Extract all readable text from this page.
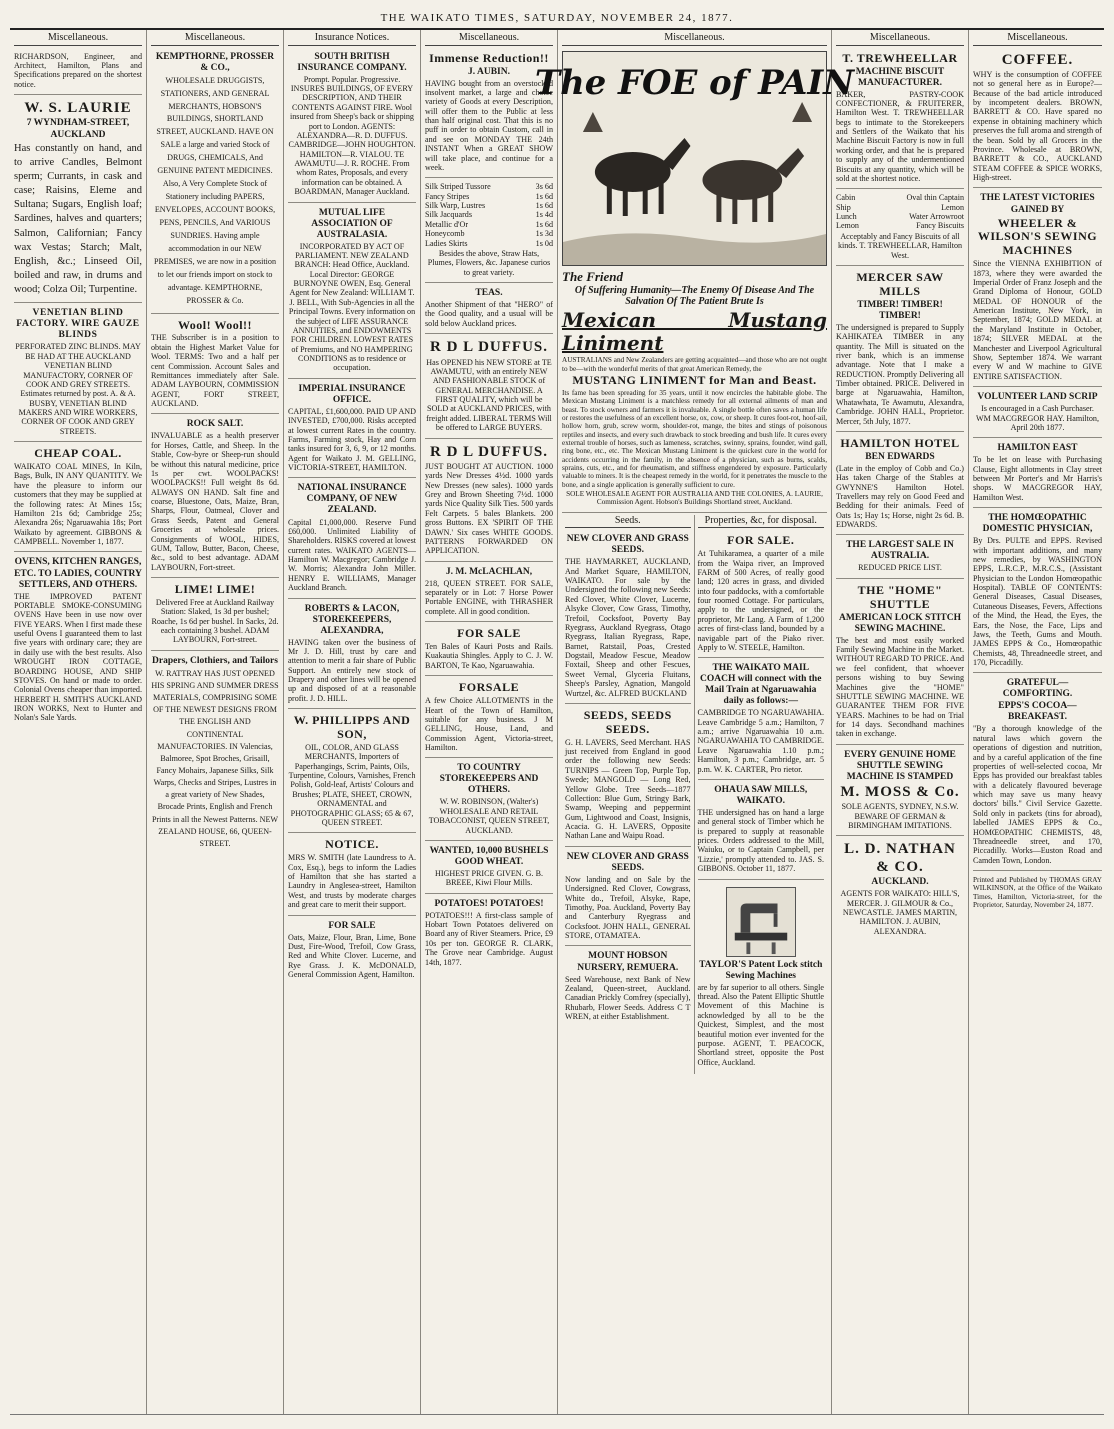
THE WAIKATO TIMES, SATURDAY, NOVEMBER 24, 1877.
Miscellaneous.

RICHARDSON, Engineer, and Architect, Hamilton, Plans and Specifications prepared on the shortest notice.

W. S. LAURIE

7 WYNDHAM-STREET, AUCKLAND

Has constantly on hand, and to arrive Candles, Belmont sperm; Currants, in cask and case; Raisins, Eleme and Sultana; Sugars, English loaf; Sardines, halves and quarters; Salmon, Californian; Fancy wax Vestas; Starch; Malt, English, &c.; Linseed Oil, boiled and raw, in drums and wood; Colza Oil; Turpentine.

VENETIAN BLIND FACTORY. WIRE GAUZE BLINDS

PERFORATED ZINC BLINDS. MAY BE HAD AT THE AUCKLAND VENETIAN BLIND MANUFACTORY, CORNER OF COOK AND GREY STREETS. Estimates returned by post. A. & A. BUSBY, VENETIAN BLIND MAKERS AND WIRE WORKERS, CORNER OF COOK AND GREY STREETS.

CHEAP COAL.

WAIKATO COAL MINES, In Kiln, Bags, Bulk, IN ANY QUANTITY. We have the pleasure to inform our customers that they may be supplied at the following rates: At Mines 15s; Hamilton 21s 6d; Cambridge 25s; Alexandra 26s; Ngaruawahia 18s; Port Waikato by agreement. GIBBONS & CAMPBELL. November 1, 1877.

OVENS, KITCHEN RANGES, ETC. TO LADIES, COUNTRY SETTLERS, AND OTHERS.

THE IMPROVED PATENT PORTABLE SMOKE-CONSUMING OVENS Have been in use now over FIVE YEARS. When I first made these useful Ovens I guaranteed them to last five years with ordinary care; they are in daily use with the best results. Also WROUGHT IRON COTTAGE, BOARDING HOUSE, AND SHIP STOVES. On hand or made to order. Colonial Ovens cheaper than imported. HERBERT H. SMITH'S AUCKLAND IRON WORKS, Next to Hunter and Nolan's Sale Yards.

Miscellaneous.

KEMPTHORNE, PROSSER & CO.,

WHOLESALE DRUGGISTS, STATIONERS, AND GENERAL MERCHANTS, HOBSON'S BUILDINGS, SHORTLAND STREET, AUCKLAND. HAVE ON SALE a large and varied Stock of DRUGS, CHEMICALS, And GENUINE PATENT MEDICINES. Also, A Very Complete Stock of Stationery including PAPERS, ENVELOPES, ACCOUNT BOOKS, PENS, PENCILS, And VARIOUS SUNDRIES. Having ample accommodation in our NEW PREMISES, we are now in a position to let our friends import on stock to advantage. KEMPTHORNE, PROSSER & Co.

Wool! Wool!!

THE Subscriber is in a position to obtain the Highest Market Value for Wool. TERMS: Two and a half per cent Commission. Account Sales and Remittances immediately after Sale. ADAM LAYBOURN, COMMISSION AGENT, FORT STREET, AUCKLAND.

ROCK SALT.

INVALUABLE as a health preserver for Horses, Cattle, and Sheep. In the Stable, Cow-byre or Sheep-run should be without this natural medicine, price 1s per cwt. WOOLPACKS! WOOLPACKS!! Full weight 8s 6d. ALWAYS ON HAND. Salt fine and coarse, Bluestone, Oats, Maize, Bran, Sharps, Flour, Oatmeal, Clover and Grass Seeds, Patent and General Groceries at wholesale prices. Consignments of WOOL, HIDES, GUM, Tallow, Butter, Bacon, Cheese, &c., sold to best advantage. ADAM LAYBOURN, Fort-street.

LIME! LIME!

Delivered Free at Auckland Railway Station: Slaked, 1s 3d per bushel; Roache, 1s 6d per bushel. In Sacks, 2d. each containing 3 bushel. ADAM LAYBOURN, Fort-street.

Drapers, Clothiers, and Tailors

W. RATTRAY HAS JUST OPENED HIS SPRING AND SUMMER DRESS MATERIALS, COMPRISING SOME OF THE NEWEST DESIGNS FROM THE ENGLISH AND CONTINENTAL MANUFACTORIES. IN Valencias, Balmoree, Spot Broches, Grisaill, Fancy Mohairs, Japanese Silks, Silk Warps, Checks and Stripes, Lustres in a great variety of New Shades, Brocade Prints, English and French Prints in all the Newest Patterns. NEW ZEALAND HOUSE, 66, QUEEN-STREET.

Insurance Notices.

SOUTH BRITISH INSURANCE COMPANY.

Prompt. Popular. Progressive. INSURES BUILDINGS, OF EVERY DESCRIPTION, AND THEIR CONTENTS AGAINST FIRE. Wool insured from Sheep's back or shipping port to London. AGENTS: ALEXANDRA—R. D. DUFFUS. CAMBRIDGE—JOHN HOUGHTON. HAMILTON—R. VIALOU. TE AWAMUTU—J. R. ROCHE. From whom Rates, Proposals, and every information can be obtained. A BOARDMAN, Manager Auckland.

MUTUAL LIFE ASSOCIATION OF AUSTRALASIA.

INCORPORATED BY ACT OF PARLIAMENT. NEW ZEALAND BRANCH: Head Office, Auckland. Local Director: GEORGE BURNOYNE OWEN, Esq. General Agent for New Zealand: WILLIAM T. J. BELL, With Sub-Agencies in all the Principal Towns. Every information on the subject of LIFE ASSURANCE ANNUITIES, and ENDOWMENTS FOR CHILDREN. LOWEST RATES of Premiums, and NO HAMPERING CONDITIONS as to residence or occupation.

IMPERIAL INSURANCE OFFICE.

CAPITAL, £1,600,000. PAID UP AND INVESTED, £700,000. Risks accepted at lowest current Rates in the country. Farms, Farming stock, Hay and Corn tanks insured for 3, 6, 9, or 12 months. Agent for Waikato J. M. GELLING, VICTORIA-STREET, HAMILTON.

NATIONAL INSURANCE COMPANY, OF NEW ZEALAND.

Capital £1,000,000. Reserve Fund £60,000. Unlimited Liability of Shareholders. RISKS covered at lowest current rates. WAIKATO AGENTS— Hamilton W. Macgregor; Cambridge J. W. Morris; Alexandra John Miller. HENRY E. WILLIAMS, Manager Auckland Branch.

ROBERTS & LACON, STOREKEEPERS, ALEXANDRA,

HAVING taken over the business of Mr J. D. Hill, trust by care and attention to merit a fair share of Public Support. An entirely new stock of Drapery and other lines will be opened up and disposed of at a reasonable profit. J. D. HILL.

W. PHILLIPPS AND SON,

OIL, COLOR, AND GLASS MERCHANTS, Importers of Paperhangings, Scrim, Paints, Oils, Turpentine, Colours, Varnishes, French Polish, Gold-leaf, Artists' Colours and Brushes; PLATE, SHEET, CROWN, ORNAMENTAL and PHOTOGRAPHIC GLASS; 65 & 67, QUEEN STREET.

NOTICE.

MRS W. SMITH (late Laundress to A. Cox, Esq.), begs to inform the Ladies of Hamilton that she has started a Laundry in Anglesea-street, Hamilton West, and trusts by moderate charges and great care to merit their support.

FOR SALE

Oats, Maize, Flour, Bran, Lime, Bone Dust, Fire-Wood, Trefoil, Cow Grass, Red and White Clover. Lucerne, and Rye Grass. J. K. McDONALD, General Commission Agent, Hamilton.

Miscellaneous.

Immense Reduction!!

J. AUBIN.

HAVING bought from an overstocked insolvent market, a large and choice variety of Goods at every Description, will offer them to the Public at less than half original cost. That this is no puff in order to obtain Custom, call in and see on MONDAY THE 24th INSTANT When a GREAT SHOW will take place, and continue for a week.

Silk Striped Tussore	3s 6d
Fancy Stripes	1s 6d
Silk Warp, Lustres	1s 6d
Silk Jacquards	1s 4d
Metallic d'Or	1s 6d
Honeycomb	1s 3d
Ladies Skirts	1s 0d

Besides the above, Straw Hats, Plumes, Flowers, &c. Japanese curios to great variety.

TEAS.

Another Shipment of that "HERO" of the Good quality, and a usual will be sold below Auckland prices.

R D L DUFFUS.

Has OPENED his NEW STORE at TE AWAMUTU, with an entirely NEW AND FASHIONABLE STOCK of GENERAL MERCHANDISE. A FIRST QUALITY, which will be SOLD at AUCKLAND PRICES, with freight added. LIBERAL TERMS Will be offered to LARGE BUYERS.

R D L DUFFUS.

JUST BOUGHT AT AUCTION. 1000 yards New Dresses 4½d. 1000 yards New Dresses (new sales). 1000 yards Grey and Brown Sheeting 7½d. 1000 yards Nice Quality Silk Ties. 500 yards Felt Carpets. 5 bales Blankets. 200 gross Buttons. EX 'SPIRIT OF THE DAWN.' Six cases WHITE GOODS. PATTERNS FORWARDED ON APPLICATION.

J. M. McLACHLAN,

218, QUEEN STREET. FOR SALE, separately or in Lot: 7 Horse Power Portable ENGINE, with THRASHER complete. All in good condition.

FOR SALE

Ten Bales of Kauri Posts and Rails. Kuakautia Shingles. Apply to C. J. W. BARTON, Te Kao, Ngaruawahia.

FORSALE

A few Choice ALLOTMENTS in the Heart of the Town of Hamilton, suitable for any business. J M GELLING, House, Land, and Commission Agent, Victoria-street, Hamilton.

TO COUNTRY STOREKEEPERS AND OTHERS.

W. W. ROBINSON, (Walter's) WHOLESALE AND RETAIL TOBACCONIST, QUEEN STREET, AUCKLAND.

WANTED, 10,000 BUSHELS GOOD WHEAT.

HIGHEST PRICE GIVEN. G. B. BREEE, Kiwi Flour Mills.

POTATOES! POTATOES!

POTATOES!!! A first-class sample of Hobart Town Potatoes delivered on Board any of River Steamers. Price, £9 10s per ton. GEORGE R. CLARK, The Grove near Cambridge. August 14th, 1877.

Miscellaneous.
The FOE of PAIN

The Friend

Of Suffering Humanity—The Enemy Of Disease And The Salvation Of The Patient Brute Is

Mexican Mustang Liniment

AUSTRALIANS and New Zealanders are getting acquainted—and those who are not ought to be—with the wonderful merits of that great American Remedy, the

MUSTANG LINIMENT for Man and Beast.

Its fame has been spreading for 35 years, until it now encircles the habitable globe. The Mexican Mustang Liniment is a matchless remedy for all external ailments of man and beast. To stock owners and farmers it is invaluable. A single bottle often saves a human life or restores the usefulness of an excellent horse, ox, cow, or sheep. It cures foot-rot, hoof-ail, hollow horn, grub, screw worm, shoulder-rot, mange, the bites and stings of poisonous reptiles and insects, and every such drawback to stock breeding and bush life. It cures every external trouble of horses, such as lameness, scratches, swinny, sprains, founder, wind gall, ring bone, etc., etc. The Mexican Mustang Liniment is the quickest cure in the world for accidents occurring in the family, in the absence of a physician, such as burns, scalds, sprains, cuts, etc., and for rheumatism, and stiffness engendered by exposure. Particularly valuable to miners. It is the cheapest remedy in the world, for it penetrates the muscle to the bone, and a single application is generally sufficient to cure.

SOLE WHOLESALE AGENT FOR AUSTRALIA AND THE COLONIES, A. LAURIE, Commission Agent. Hobson's Buildings Shortland street, Auckland.

Seeds.

NEW CLOVER AND GRASS SEEDS.

THE HAYMARKET, AUCKLAND, And Market Square, HAMILTON, WAIKATO. For sale by the Undersigned the following new Seeds: Red Clover, White Clover, Lucerne, Alsyke Clover, Cow Grass, Timothy, Trefoil, Cocksfoot, Poverty Bay Ryegrass, Auckland Ryegrass, Otago Ryegrass, Italian Ryegrass, Rape, Barnet, Ratstail, Poas, Crested Dogstail, Meadow Fescue, Meadow Foxtail, Sheep and other Fescues, Sweet Vernal, Glyceria Fluitans, Sheep's Parsley, Agnation, Mangold Wurtzel, &c. ALFRED BUCKLAND

SEEDS, SEEDS SEEDS.

G. H. LAVERS, Seed Merchant. HAS just received from England in good order the following new Seeds: TURNIPS — Green Top, Purple Top, Swede; MANGOLD — Long Red, Yellow Globe. Tree Seeds—1877 Collection: Blue Gum, Stringy Bark, Swamp, Weeping and peppermint Gum, Lightwood and Coast, Insignis, Acacia. G. H. LAVERS, Opposite Nathan Lane and Waipu Road.

NEW CLOVER AND GRASS SEEDS.

Now landing and on Sale by the Undersigned. Red Clover, Cowgrass, White do., Trefoil, Alsyke, Rape, Timothy, Poa. Auckland, Poverty Bay and Canterbury Ryegrass and Cocksfoot. JOHN HALL, GENERAL STORE, OTAMATEA.

MOUNT HOBSON NURSERY, REMUERA.

Seed Warehouse, next Bank of New Zealand, Queen-street, Auckland. Canadian Prickly Comfrey (specially), Rhubarb, Flower Seeds. Address C T WREN, at either Establishment.

Properties, &c, for disposal.

FOR SALE.

At Tuhikaramea, a quarter of a mile from the Waipa river, an Improved FARM of 500 Acres, of really good land; 120 acres in grass, and divided into four paddocks, with a comfortable four roomed Cottage. For particulars, apply to the undersigned, or the proprietor, Mr Lang. A Farm of 1,200 acres of first-class land, bounded by a navigable part of the Piako river. Apply to W. STEELE, Hamilton.

THE WAIKATO MAIL COACH will connect with the Mail Train at Ngaruawahia daily as follows:—

CAMBRIDGE TO NGARUAWAHIA. Leave Cambridge 5 a.m.; Hamilton, 7 a.m.; arrive Ngaruawahia 10 a.m. NGARUAWAHIA TO CAMBRIDGE. Leave Ngaruawahia 1.10 p.m.; Hamilton, 3 p.m.; Cambridge, arr. 5 p.m. W. K. CARTER, Pro rietor.

OHAUA SAW MILLS, WAIKATO.

THE undersigned has on hand a large and general stock of Timber which he is prepared to supply at reasonable prices. Orders addressed to the Mill, Waiuku, or to Captain Campbell, per 'Lizzie,' promptly attended to. JAS. S. GIBBONS. October 11, 1877.

TAYLOR'S Patent Lock stitch Sewing Machines

are by far superior to all others. Single thread. Also the Patent Elliptic Shuttle Movement of this Machine is acknowledged by all to be the Quickest, Simplest, and the most beautiful motion ever invented for the purpose. AGENT, T. PEACOCK, Shortland street, opposite the Post Office, Auckland.

Miscellaneous.

T. TREWHEELLAR

MACHINE BISCUIT MANUFACTURER.

BAKER, PASTRY-COOK CONFECTIONER, & FRUITERER, Hamilton West. T. TREWHEELLAR begs to intimate to the Storekeepers and Settlers of the Waikato that his Machine Biscuit Factory is now in full working order, and that he is prepared to supply any of the undermentioned Biscuits at any quantity, which will be sold at the shortest notice.

Cabin	Oval thin Captain
Ship	Lemon
Lunch	Water Arrowroot
Lemon	Fancy Biscuits

Acceptably and Fancy Biscuits of all kinds. T. TREWHEELLAR, Hamilton West.

MERCER SAW MILLS

TIMBER! TIMBER! TIMBER!

The undersigned is prepared to Supply KAHIKATEA TIMBER in any quantity. The Mill is situated on the river bank, which is an immense advantage. Note that I make a REDUCTION. Promptly Delivering all Timber obtained. PRICE. Delivered in barge at Ngaruawahia, Hamilton, Whatawhata, Te Awamutu, Alexandra, Cambridge. JOHN HALL, Proprietor. Mercer, 5th July, 1877.

HAMILTON HOTEL

BEN EDWARDS

(Late in the employ of Cobb and Co.) Has taken Charge of the Stables at GWYNNE'S Hamilton Hotel. Travellers may rely on Good Feed and Bedding for their animals. Feed of Oats 1s; Hay 1s; Horse, night 2s 6d. B. EDWARDS.

THE LARGEST SALE IN AUSTRALIA.

REDUCED PRICE LIST.

THE "HOME" SHUTTLE

AMERICAN LOCK STITCH SEWING MACHINE.

The best and most easily worked Family Sewing Machine in the Market. WITHOUT REGARD TO PRICE. And we feel confident, that whoever persons wishing to buy Sewing Machines give the "HOME" SHUTTLE SEWING MACHINE. WE GUARANTEE THEM FOR FIVE YEARS. Machines to be had on Trial for 14 days. Secondhand machines taken in exchange.

EVERY GENUINE HOME SHUTTLE SEWING MACHINE IS STAMPED

M. MOSS & Co.

SOLE AGENTS, SYDNEY, N.S.W. BEWARE OF GERMAN & BIRMINGHAM IMITATIONS.

L. D. NATHAN & CO.

AUCKLAND.

AGENTS FOR WAIKATO: HILL'S, MERCER. J. GILMOUR & Co., NEWCASTLE. JAMES MARTIN, HAMILTON. J. AUBIN, ALEXANDRA.

Miscellaneous.

COFFEE.

WHY is the consumption of COFFEE not so general here as in Europe?—Because of the bad article introduced by incompetent dealers. BROWN, BARRETT & CO. Have spared no expense in obtaining machinery which preserves the full aroma and strength of the bean. Sold by all Grocers in the Province. Wholesale at BROWN, BARRETT & CO., AUCKLAND STEAM COFFEE & SPICE WORKS, High-street.

THE LATEST VICTORIES GAINED BY

WHEELER & WILSON'S SEWING MACHINES

Since the VIENNA EXHIBITION of 1873, where they were awarded the Imperial Order of Franz Joseph and the Grand Diploma of Honour, GOLD MEDAL OF HONOUR of the American Institute, New York, in September, 1874; GOLD MEDAL at the Maryland Institute in October, 1874; SILVER MEDAL at the Manchester and Liverpool Agricultural Show, September 1874. We warrant every W and W machine to GIVE ENTIRE SATISFACTION.

VOLUNTEER LAND SCRIP

Is encouraged in a Cash Purchaser. WM MACGREGOR HAY. Hamilton, April 20th 1877.

HAMILTON EAST

To be let on lease with Purchasing Clause, Eight allotments in Clay street between Mr Porter's and Mr Harris's shops. W MACGREGOR HAY, Hamilton West.

THE HOMŒOPATHIC DOMESTIC PHYSICIAN,

By Drs. PULTE and EPPS. Revised with important additions, and many new remedies, by WASHINGTON EPPS, L.R.C.P., M.R.C.S., (Assistant Physician to the London Homœopathic Hospital). TABLE OF CONTENTS: General Diseases, Casual Diseases, Cutaneous Diseases, Fevers, Affections of the Mind, the Head, the Eyes, the Ears, the Nose, the Face, Lips and Jaws, the Teeth, Gums and Mouth. JAMES EPPS & Co., Homœopathic Chemists, 48, Threadneedle street, and 170, Piccadilly.

GRATEFUL—COMFORTING.

EPPS'S COCOA—BREAKFAST.

"By a thorough knowledge of the natural laws which govern the operations of digestion and nutrition, and by a careful application of the fine properties of well-selected cocoa, Mr Epps has provided our breakfast tables with a delicately flavoured beverage which may save us many heavy doctors' bills." Civil Service Gazette. Sold only in packets (tins for abroad), labelled JAMES EPPS & Co., HOMŒOPATHIC CHEMISTS, 48, Threadneedle street, and 170, Piccadilly. Works—Euston Road and Camden Town, London.

Printed and Published by THOMAS GRAY WILKINSON, at the Office of the Waikato Times, Hamilton, Victoria-street, for the Proprietor, Saturday, November 24, 1877.
